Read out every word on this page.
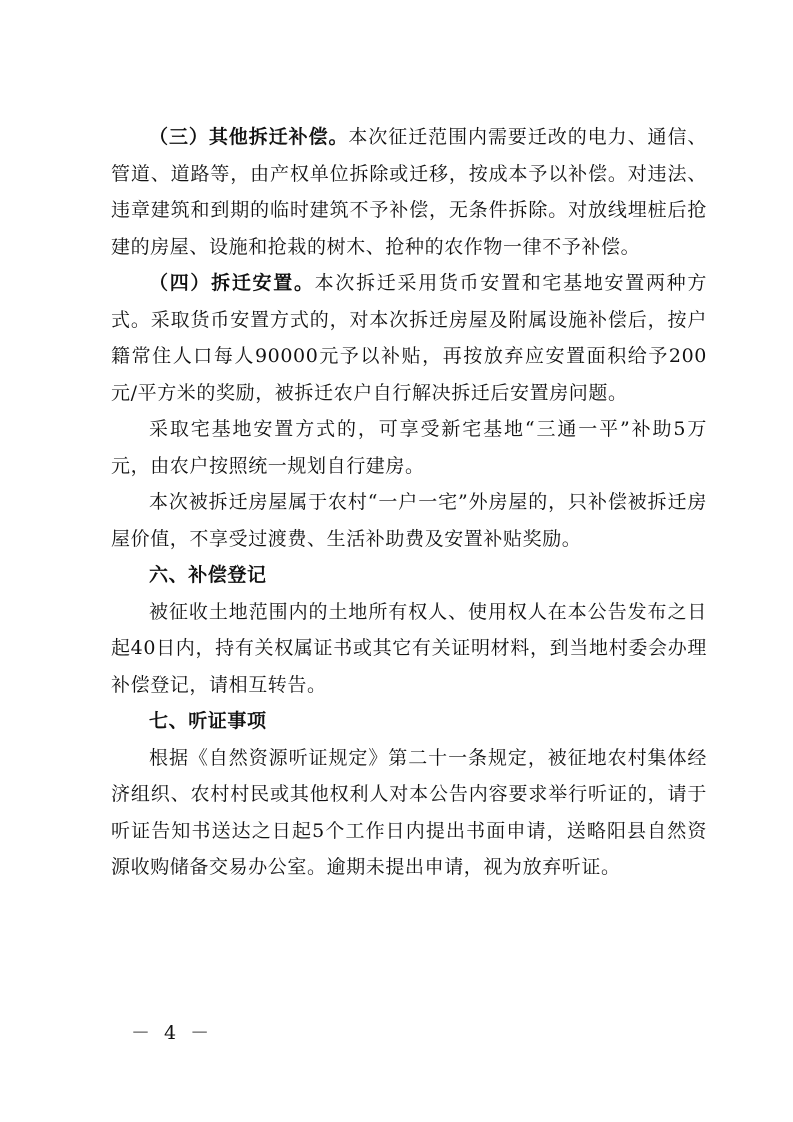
（三）其他拆迁补偿。本次征迁范围内需要迁改的电力、通信、管道、道路等，由产权单位拆除或迁移，按成本予以补偿。对违法、违章建筑和到期的临时建筑不予补偿，无条件拆除。对放线埋桩后抢建的房屋、设施和抢栽的树木、抢种的农作物一律不予补偿。

（四）拆迁安置。本次拆迁采用货币安置和宅基地安置两种方式。采取货币安置方式的，对本次拆迁房屋及附属设施补偿后，按户籍常住人口每人90000元予以补贴，再按放弃应安置面积给予200元/平方米的奖励，被拆迁农户自行解决拆迁后安置房问题。

采取宅基地安置方式的，可享受新宅基地“三通一平”补助5万元，由农户按照统一规划自行建房。

本次被拆迁房屋属于农村“一户一宅”外房屋的，只补偿被拆迁房屋价值，不享受过渡费、生活补助费及安置补贴奖励。

六、补偿登记

被征收土地范围内的土地所有权人、使用权人在本公告发布之日起40日内，持有关权属证书或其它有关证明材料，到当地村委会办理补偿登记，请相互转告。

七、听证事项

根据《自然资源听证规定》第二十一条规定，被征地农村集体经济组织、农村村民或其他权利人对本公告内容要求举行听证的，请于听证告知书送达之日起5个工作日内提出书面申请，送略阳县自然资源收购储备交易办公室。逾期未提出申请，视为放弃听证。

－ 4 －
